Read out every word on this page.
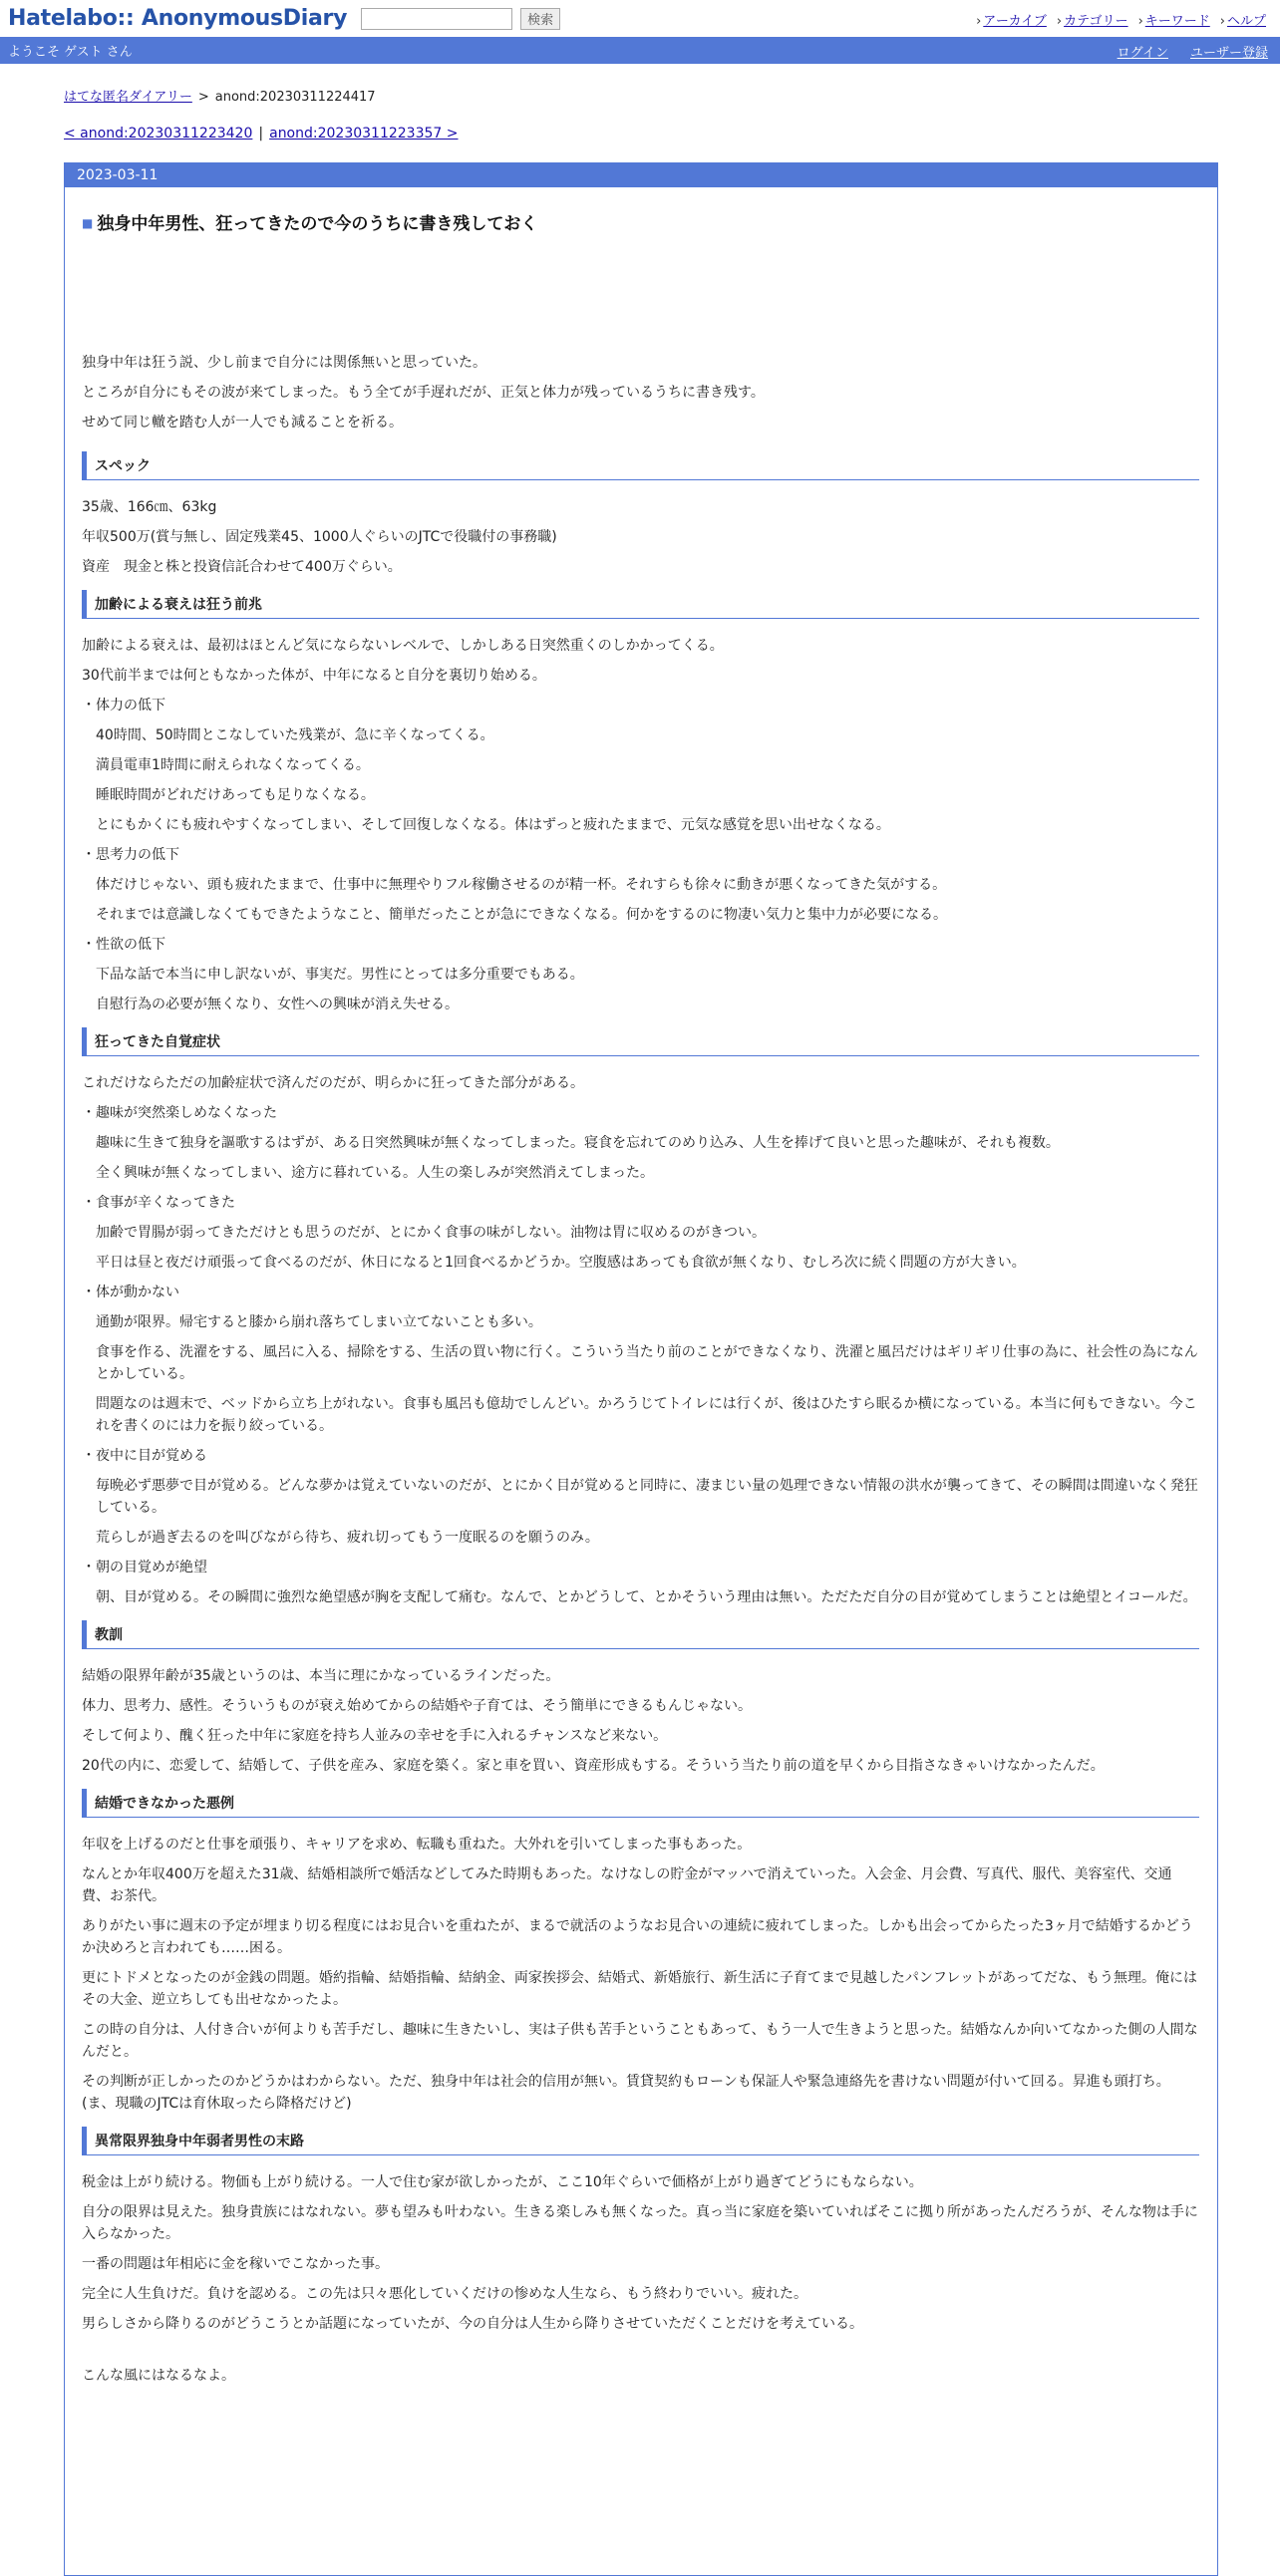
Hatelabo:: AnonymousDiary	検索	› アーカイブ	› カテゴリー	› キーワード	› ヘルプ
ようこそ ゲスト さん	ログイン ユーザー登録
はてな匿名ダイアリー > anond:20230311224417
< anond:20230311223420 | anond:20230311223357 >
2023-03-11
■ 独身中年男性、狂ってきたので今のうちに書き残しておく

独身中年は狂う説、少し前まで自分には関係無いと思っていた。

ところが自分にもその波が来てしまった。もう全てが手遅れだが、正気と体力が残っているうちに書き残す。

せめて同じ轍を踏む人が一人でも減ることを祈る。

スペック

35歳、166㎝、63kg

年収500万(賞与無し、固定残業45、1000人ぐらいのJTCで役職付の事務職)

資産　現金と株と投資信託合わせて400万ぐらい。

加齢による衰えは狂う前兆

加齢による衰えは、最初はほとんど気にならないレベルで、しかしある日突然重くのしかかってくる。

30代前半までは何ともなかった体が、中年になると自分を裏切り始める。

・体力の低下

40時間、50時間とこなしていた残業が、急に辛くなってくる。

満員電車1時間に耐えられなくなってくる。

睡眠時間がどれだけあっても足りなくなる。

とにもかくにも疲れやすくなってしまい、そして回復しなくなる。体はずっと疲れたままで、元気な感覚を思い出せなくなる。

・思考力の低下

体だけじゃない、頭も疲れたままで、仕事中に無理やりフル稼働させるのが精一杯。それすらも徐々に動きが悪くなってきた気がする。

それまでは意識しなくてもできたようなこと、簡単だったことが急にできなくなる。何かをするのに物凄い気力と集中力が必要になる。

・性欲の低下

下品な話で本当に申し訳ないが、事実だ。男性にとっては多分重要でもある。

自慰行為の必要が無くなり、女性への興味が消え失せる。

狂ってきた自覚症状

これだけならただの加齢症状で済んだのだが、明らかに狂ってきた部分がある。

・趣味が突然楽しめなくなった

趣味に生きて独身を謳歌するはずが、ある日突然興味が無くなってしまった。寝食を忘れてのめり込み、人生を捧げて良いと思った趣味が、それも複数。

全く興味が無くなってしまい、途方に暮れている。人生の楽しみが突然消えてしまった。

・食事が辛くなってきた

加齢で胃腸が弱ってきただけとも思うのだが、とにかく食事の味がしない。油物は胃に収めるのがきつい。

平日は昼と夜だけ頑張って食べるのだが、休日になると1回食べるかどうか。空腹感はあっても食欲が無くなり、むしろ次に続く問題の方が大きい。

・体が動かない

通勤が限界。帰宅すると膝から崩れ落ちてしまい立てないことも多い。

食事を作る、洗濯をする、風呂に入る、掃除をする、生活の買い物に行く。こういう当たり前のことができなくなり、洗濯と風呂だけはギリギリ仕事の為に、社会性の為になんとかしている。

問題なのは週末で、ベッドから立ち上がれない。食事も風呂も億劫でしんどい。かろうじてトイレには行くが、後はひたすら眠るか横になっている。本当に何もできない。今これを書くのには力を振り絞っている。

・夜中に目が覚める

毎晩必ず悪夢で目が覚める。どんな夢かは覚えていないのだが、とにかく目が覚めると同時に、凄まじい量の処理できない情報の洪水が襲ってきて、その瞬間は間違いなく発狂している。

荒らしが過ぎ去るのを叫びながら待ち、疲れ切ってもう一度眠るのを願うのみ。

・朝の目覚めが絶望

朝、目が覚める。その瞬間に強烈な絶望感が胸を支配して痛む。なんで、とかどうして、とかそういう理由は無い。ただただ自分の目が覚めてしまうことは絶望とイコールだ。

教訓

結婚の限界年齢が35歳というのは、本当に理にかなっているラインだった。

体力、思考力、感性。そういうものが衰え始めてからの結婚や子育ては、そう簡単にできるもんじゃない。

そして何より、醜く狂った中年に家庭を持ち人並みの幸せを手に入れるチャンスなど来ない。

20代の内に、恋愛して、結婚して、子供を産み、家庭を築く。家と車を買い、資産形成もする。そういう当たり前の道を早くから目指さなきゃいけなかったんだ。

結婚できなかった悪例

年収を上げるのだと仕事を頑張り、キャリアを求め、転職も重ねた。大外れを引いてしまった事もあった。

なんとか年収400万を超えた31歳、結婚相談所で婚活などしてみた時期もあった。なけなしの貯金がマッハで消えていった。入会金、月会費、写真代、服代、美容室代、交通費、お茶代。

ありがたい事に週末の予定が埋まり切る程度にはお見合いを重ねたが、まるで就活のようなお見合いの連続に疲れてしまった。しかも出会ってからたった3ヶ月で結婚するかどうか決めろと言われても……困る。

更にトドメとなったのが金銭の問題。婚約指輪、結婚指輪、結納金、両家挨拶会、結婚式、新婚旅行、新生活に子育てまで見越したパンフレットがあってだな、もう無理。俺にはその大金、逆立ちしても出せなかったよ。

この時の自分は、人付き合いが何よりも苦手だし、趣味に生きたいし、実は子供も苦手ということもあって、もう一人で生きようと思った。結婚なんか向いてなかった側の人間なんだと。

その判断が正しかったのかどうかはわからない。ただ、独身中年は社会的信用が無い。賃貸契約もローンも保証人や緊急連絡先を書けない問題が付いて回る。昇進も頭打ち。(ま、現職のJTCは育休取ったら降格だけど)

異常限界独身中年弱者男性の末路

税金は上がり続ける。物価も上がり続ける。一人で住む家が欲しかったが、ここ10年ぐらいで価格が上がり過ぎてどうにもならない。

自分の限界は見えた。独身貴族にはなれない。夢も望みも叶わない。生きる楽しみも無くなった。真っ当に家庭を築いていればそこに拠り所があったんだろうが、そんな物は手に入らなかった。

一番の問題は年相応に金を稼いでこなかった事。

完全に人生負けだ。負けを認める。この先は只々悪化していくだけの惨めな人生なら、もう終わりでいい。疲れた。

男らしさから降りるのがどうこうとか話題になっていたが、今の自分は人生から降りさせていただくことだけを考えている。

こんな風にはなるなよ。
